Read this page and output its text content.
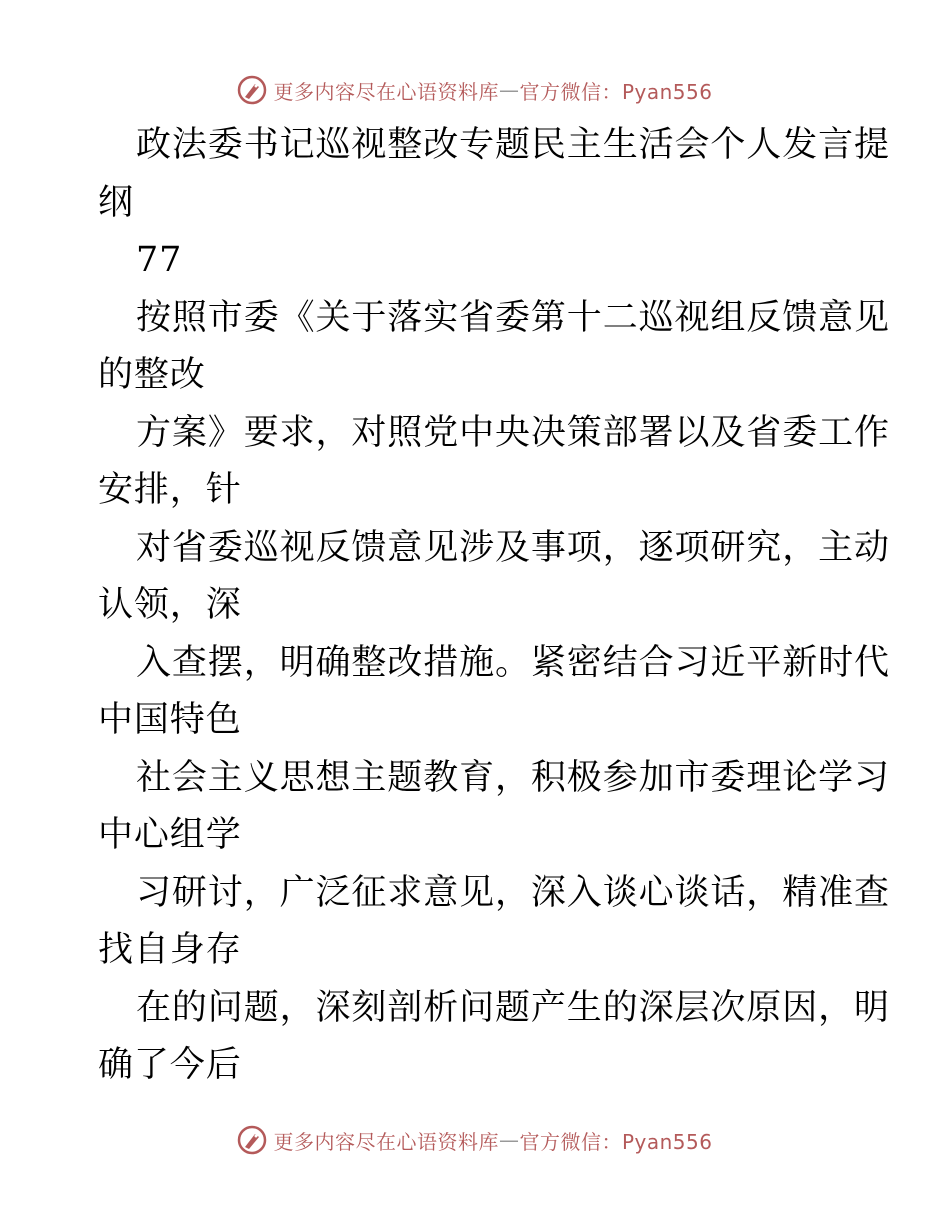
更多内容尽在心语资料库 — 官方微信：Pyan556
政法委书记巡视整改专题民主生活会个人发言提
纲
77
按照市委《关于落实省委第十二巡视组反馈意见
的整改
方案》要求，对照党中央决策部署以及省委工作
安排，针
对省委巡视反馈意见涉及事项，逐项研究，主动
认领，深
入查摆，明确整改措施。紧密结合习近平新时代
中国特色
社会主义思想主题教育，积极参加市委理论学习
中心组学
习研讨，广泛征求意见，深入谈心谈话，精准查
找自身存
在的问题，深刻剖析问题产生的深层次原因，明
确了今后
更多内容尽在心语资料库 — 官方微信：Pyan556
